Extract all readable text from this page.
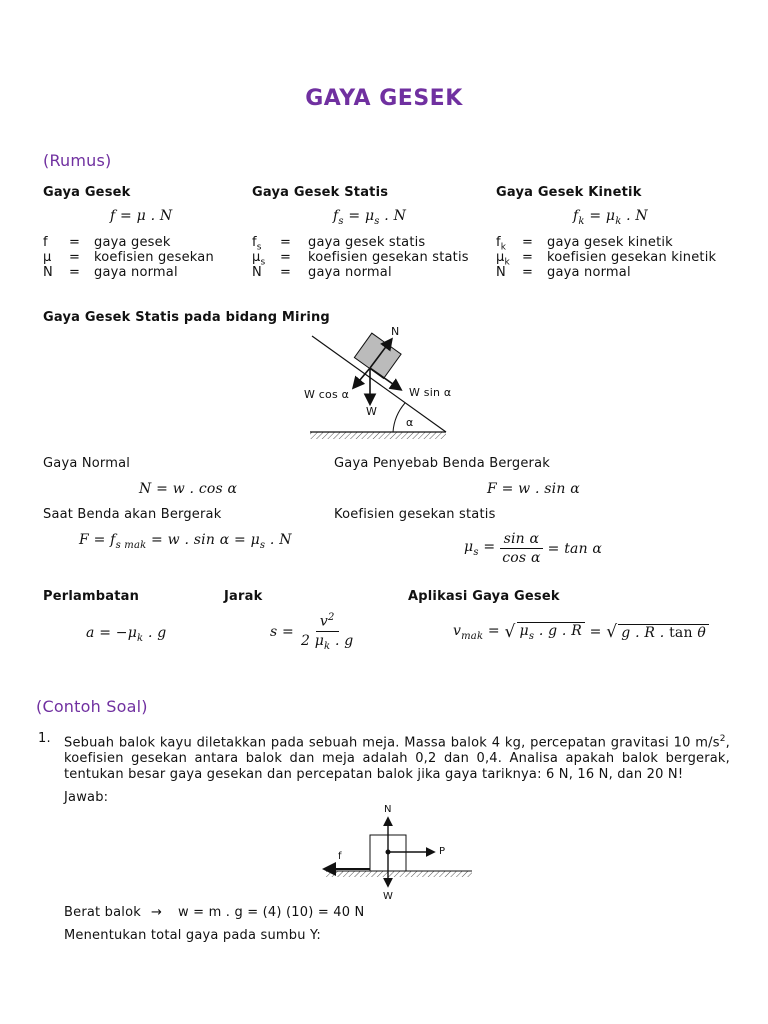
GAYA GESEK
(Rumus)
Gaya Gesek	Gaya Gesek Statis	Gaya Gesek Kinetik
f = μ . N	$f_s = \mu_s$ . N	$f_k = \mu_k$ . N
f = gaya gesek
μ = koefisien gesekan
N = gaya normal
$f_s$ = gaya gesek statis
$\mu_s$ = koefisien gesekan statis
N = gaya normal
$f_k$ = gaya gesek kinetik
$\mu_k$ = koefisien gesekan kinetik
N = gaya normal
Gaya Gesek Statis pada bidang Miring
α
N
W
W cos α	W sin α
Gaya Normal	Gaya Penyebab Benda Bergerak
N = w . cos α	F = w . sin α
Saat Benda akan Bergerak	Koefisien gesekan statis
$F = f_{s mak} = w$ . $\sin \alpha = \mu_s$ . N	$\mu_s = \frac{\text{sin α}}{\text{cos α}} = \tan \alpha$
Perlambatan	Jarak	Aplikasi Gaya Gesek
$a = -\mu_k$ . g	$s = \frac{v^2}{2 \mu_k . g}$	$v_{mak}$ = √ $\mu_s$ . g . R = √ g . R . tan θ
(Contoh Soal)
1. Sebuah balok kayu diletakkan pada sebuah meja. Massa balok 4 kg, percepatan gravitasi 10 $m/s^2$, koefisien gesekan antara balok dan meja adalah 0,2 dan 0,4. Analisa apakah balok bergerak, tentukan besar gaya gesekan dan percepatan balok jika gaya tariknya: 6 N, 16 N, dan 20 N!
Jawab:
N
W
P
f
Berat balok → w = m . g = (4) (10) = 40 N
Menentukan total gaya pada sumbu Y:
